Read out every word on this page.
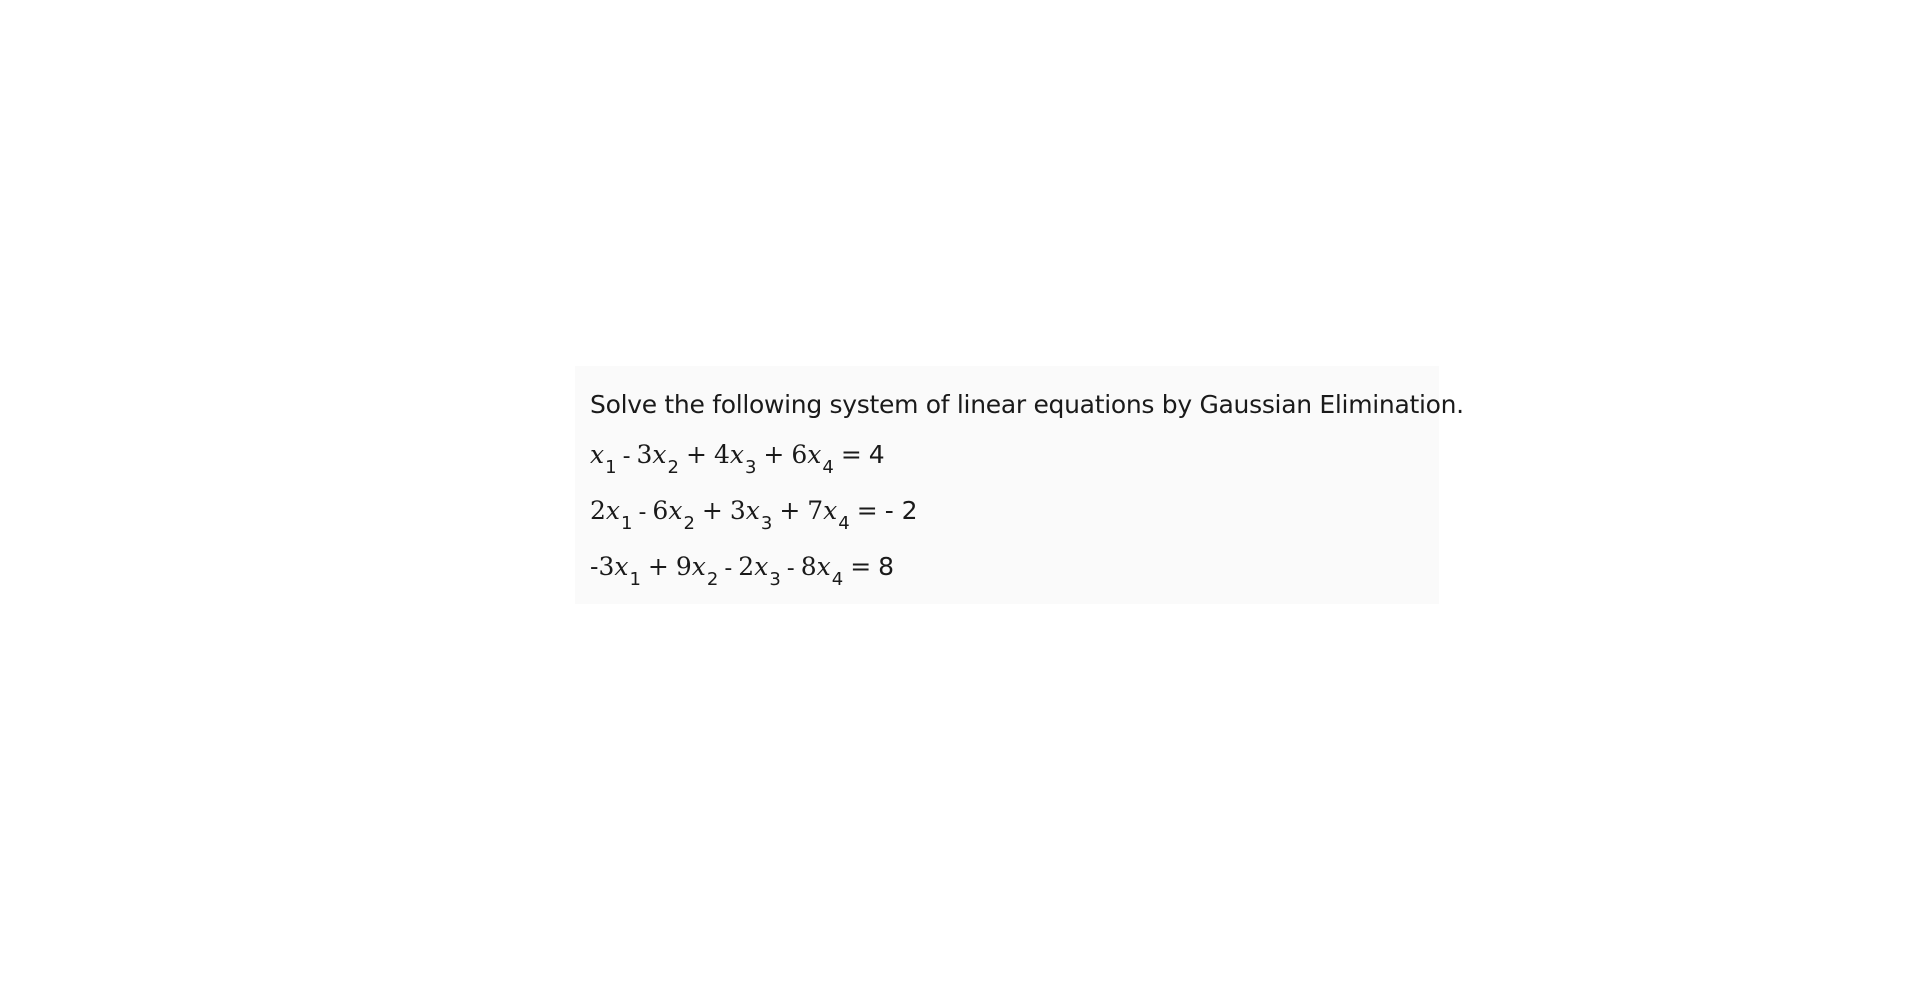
Solve the following system of linear equations by Gaussian Elimination.

$x_1 - 3x_2 + 4x_3 + 6x_4 = 4$
$2x_1 - 6x_2 + 3x_3 + 7x_4$ = - 2
$-3x_1 + 9x_2 - 2x_3 - 8x_4 = 8$
